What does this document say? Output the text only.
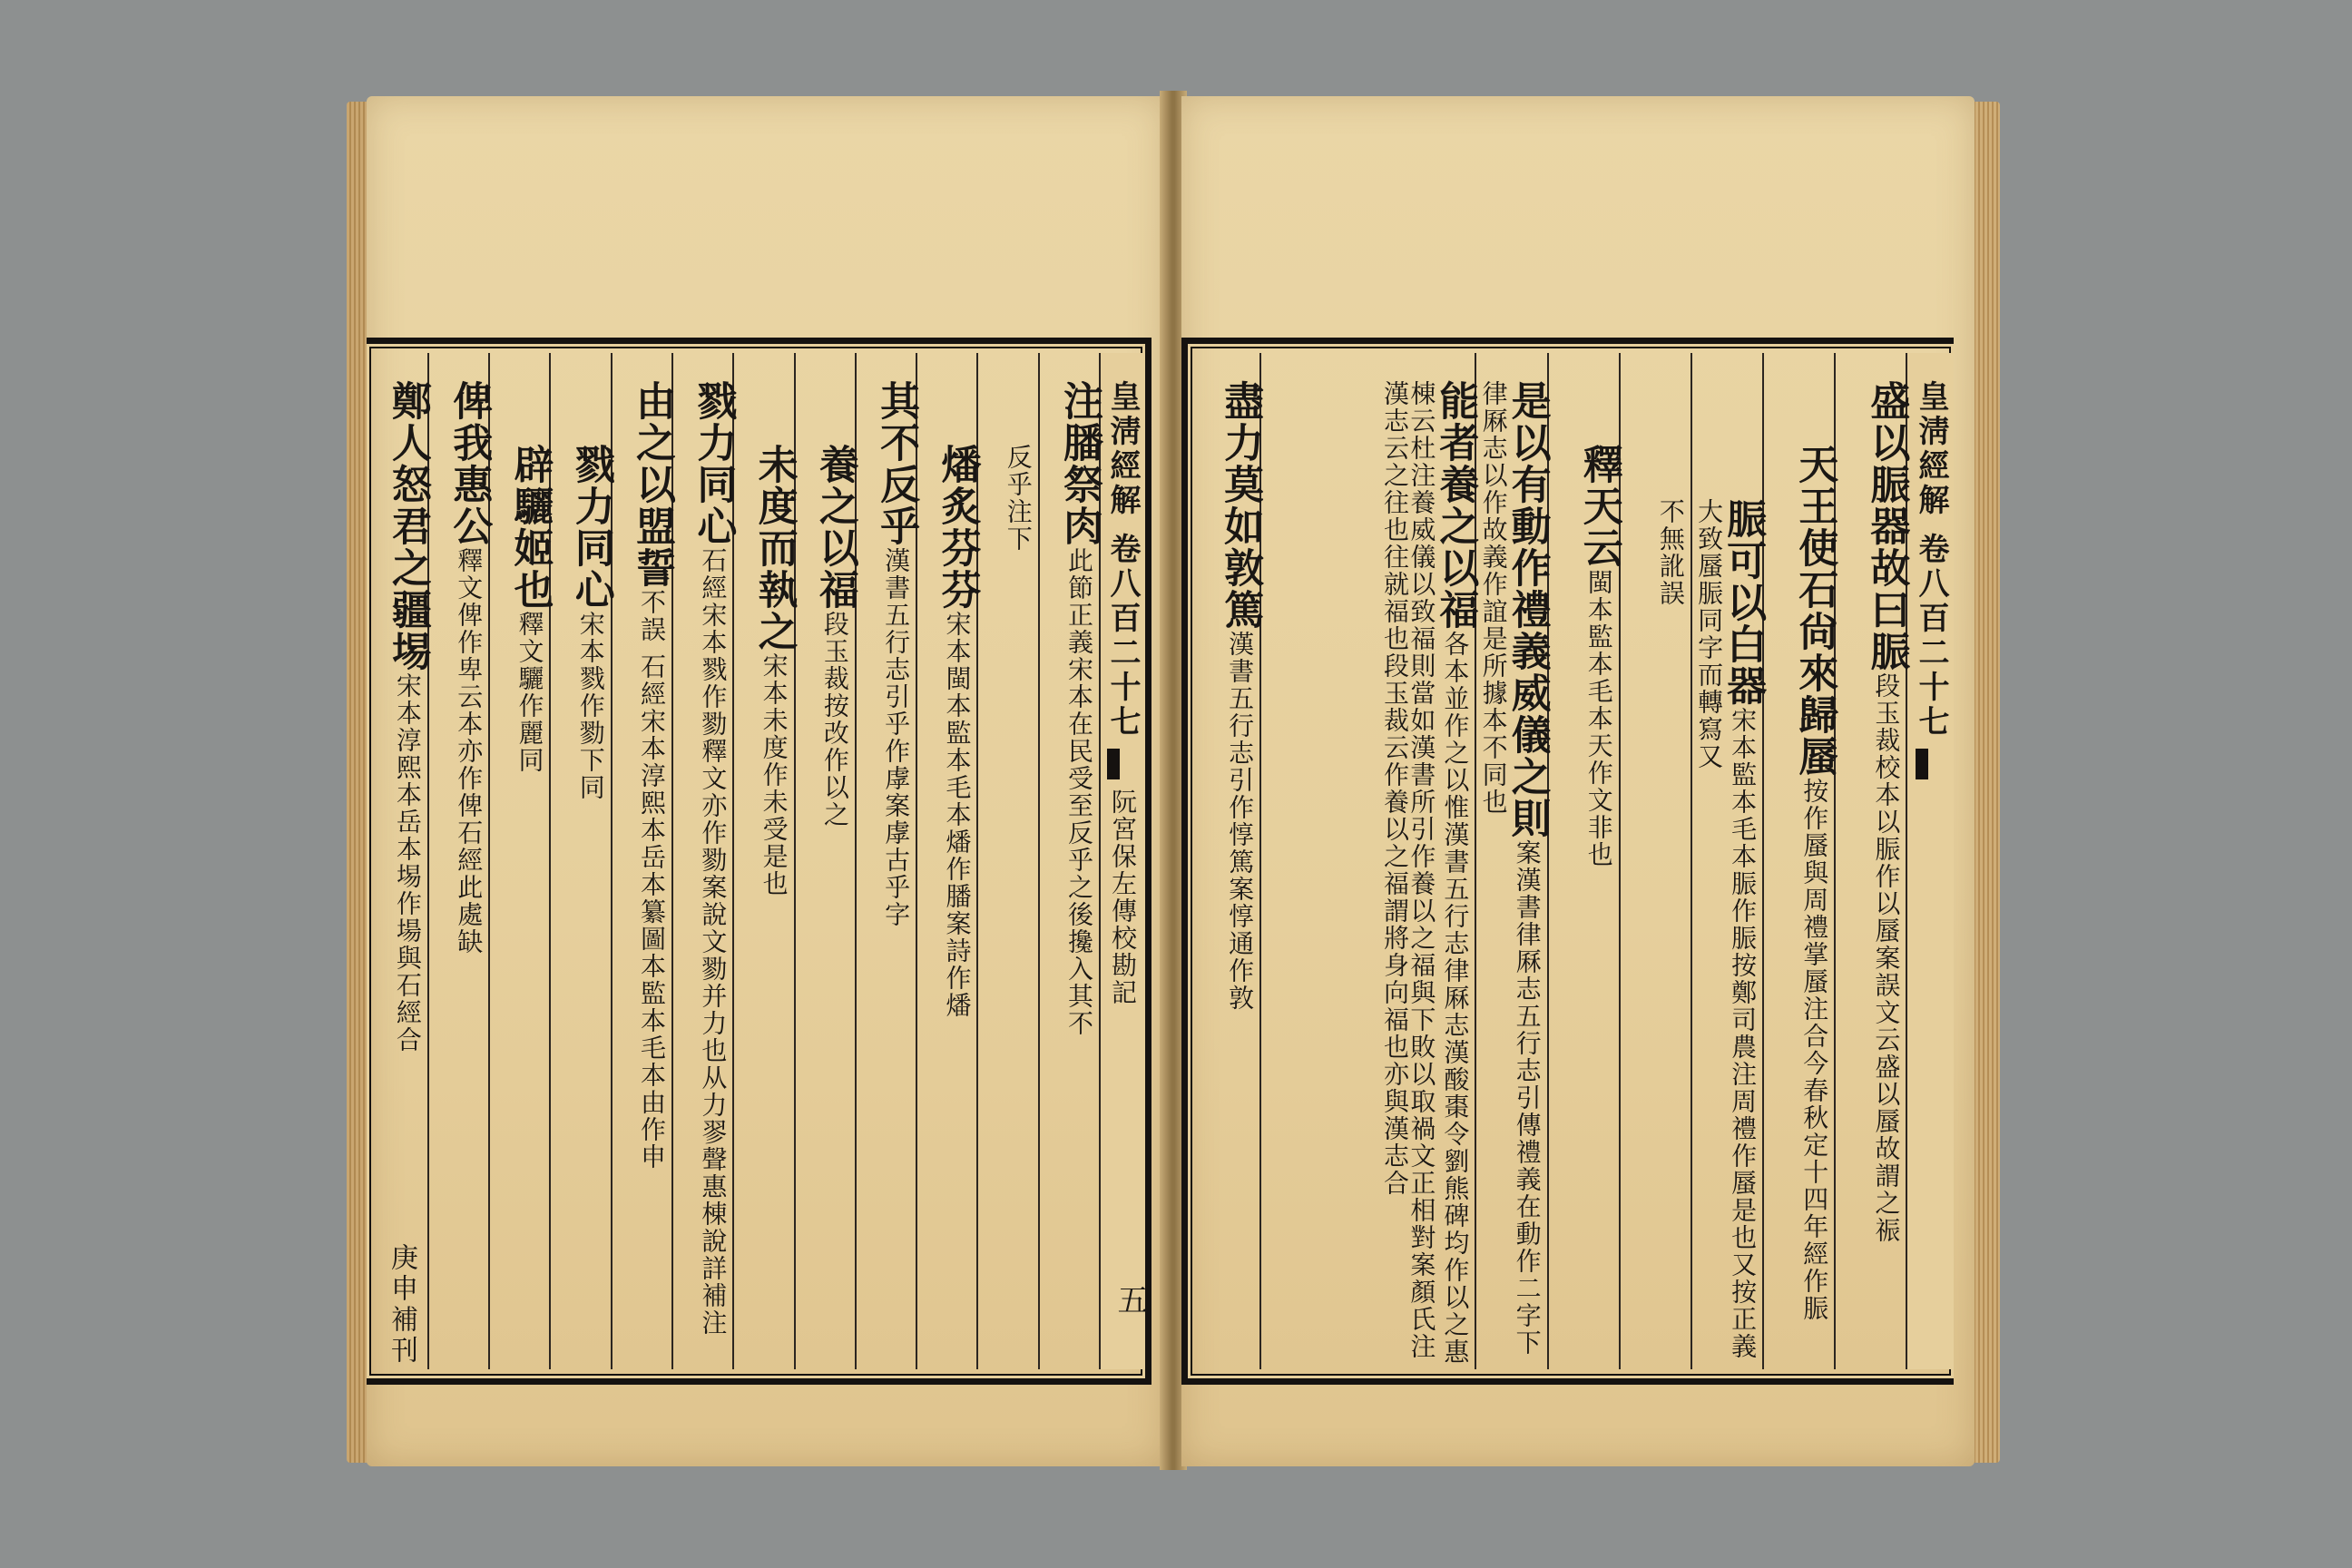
皇淸經解 卷八百二十七阮宮保左傳校勘記
五
注膰祭肉此節正義宋本在民受至反乎之後攙入其不
反乎注下
燔炙芬芬宋本閩本監本毛本燔作膰案詩作燔
其不反乎漢書五行志引乎作虖案虖古乎字
養之以福段玉裁按改作以之
未度而執之宋本未度作未受是也
戮力同心石經宋本戮作勠釋文亦作勠案說文勠并力也从力翏聲惠棟說詳補注
由之以盟誓不誤 石經宋本淳熙本岳本纂圖本監本毛本由作申
戮力同心宋本戮作勠下同
辟驪姬也釋文驪作麗同
俾我惠公釋文俾作卑云本亦作俾石經此處缺
鄭人怒君之疆埸宋本淳熙本岳本埸作場與石經合
庚申補刊
皇淸經解 卷八百二十七
盛以脤器故曰脤段玉裁校本以脤作以蜃案誤文云盛以蜃故謂之祳
天王使石尙來歸蜃按作蜃與周禮掌蜃注合今春秋定十四年經作脤
脤可以白器宋本監本毛本脤作脤按鄭司農注周禮作蜃是也又按正義大致蜃脤同字而轉寫又
不無訛誤
釋天云閩本監本毛本天作文非也
是以有動作禮義威儀之則案漢書律厤志五行志引傳禮義在動作二字下律厤志以作故義作誼是所據本不同也
能者養之以福各本並作之以惟漢書五行志律厤志漢酸棗令劉熊碑均作以之惠棟云杜注養威儀以致福則當如漢書所引作養以之福與下敗以取禍文正相對案顏氏注漢志云之往也往就福也段玉裁云作養以之福謂將身向福也亦與漢志合
盡力莫如敦篤漢書五行志引作惇篤案惇通作敦
